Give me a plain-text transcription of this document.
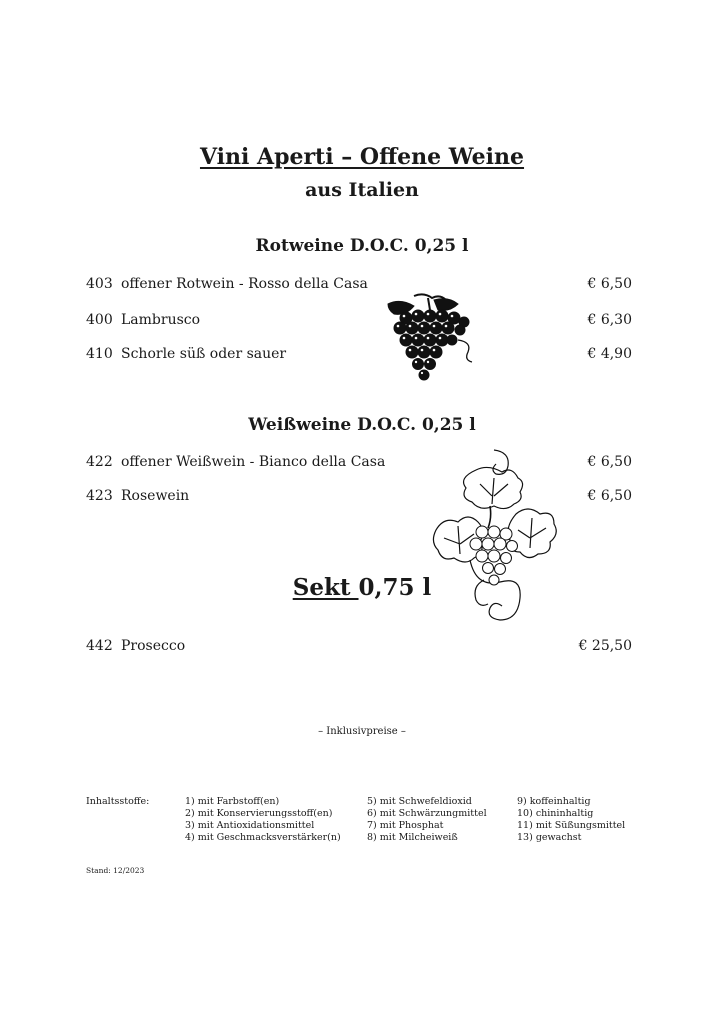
Vini Aperti – Offene Weine
aus Italien
Rotweine D.O.C. 0,25 l
403 offener Rotwein - Rosso della Casa	€ 6,50
400 Lambrusco	€ 6,30
410 Schorle süß oder sauer	€ 4,90
Weißweine D.O.C. 0,25 l
422 offener Weißwein - Bianco della Casa	€ 6,50
423 Rosewein	€ 6,50
Sekt 0,75 l
442 Prosecco	€ 25,50
– Inklusivpreise –
Inhaltsstoffe:	1) mit Farbstoff(en)
2) mit Konservierungsstoff(en)
3) mit Antioxidationsmittel
4) mit Geschmacksverstärker(n)
5) mit Schwefeldioxid
6) mit Schwärzungmittel
7) mit Phosphat
8) mit Milcheiweiß
9) koffeinhaltig
10) chininhaltig
11) mit Süßungsmittel
13) gewachst
Stand: 12/2023
